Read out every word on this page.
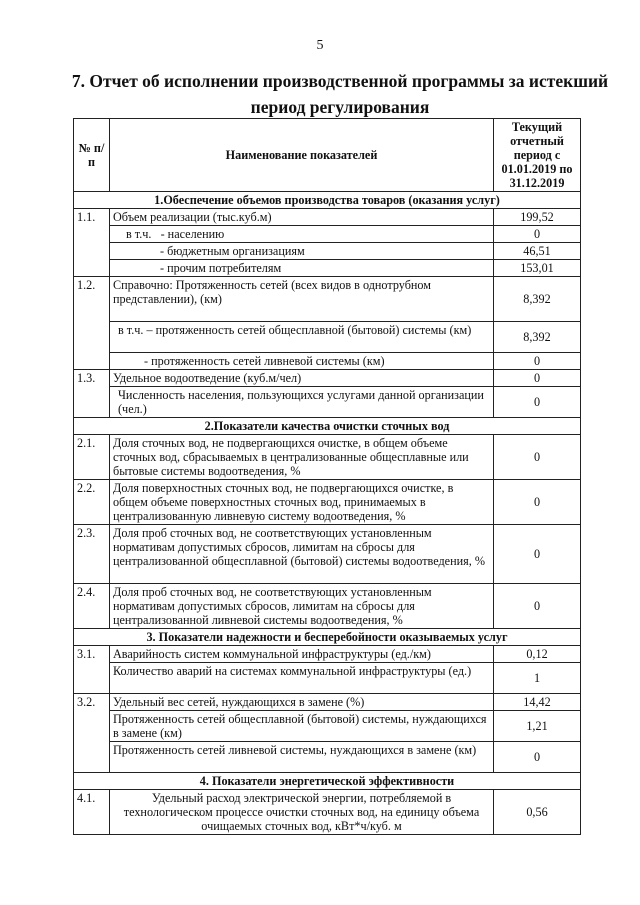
5
7. Отчет об исполнении производственной программы за истекший период регулирования
№ п/п	Наименование показателей	Текущий отчетный период с 01.01.2019 по 31.12.2019
1.Обеспечение объемов производства товаров (оказания услуг)		
1.1.	Объем реализации (тыс.куб.м)	199,52
	в т.ч.   - населению	0
	- бюджетным организациям	46,51
	- прочим потребителям	153,01
1.2.	Справочно: Протяженность сетей (всех видов в однотрубном представлении), (км)	8,392
	в т.ч. – протяженность сетей общесплавной (бытовой) системы (км)	8,392
	- протяженность сетей ливневой системы (км)	0
1.3.	Удельное водоотведение (куб.м/чел)	0
	Численность населения, пользующихся услугами данной организации (чел.)	0
2.Показатели качества очистки сточных вод		
2.1.	Доля сточных вод, не подвергающихся очистке, в общем объеме сточных вод, сбрасываемых в централизованные общесплавные или бытовые системы водоотведения, %	0
2.2.	Доля поверхностных сточных вод, не подвергающихся очистке, в общем объеме поверхностных сточных вод, принимаемых в централизованную ливневую систему водоотведения, %	0
2.3.	Доля проб сточных вод, не соответствующих установленным нормативам допустимых сбросов, лимитам на сбросы для централизованной общесплавной (бытовой) системы водоотведения, %	0
2.4.	Доля проб сточных вод, не соответствующих установленным нормативам допустимых сбросов, лимитам на сбросы для централизованной ливневой системы водоотведения, %	0
3. Показатели надежности и бесперебойности оказываемых услуг		
3.1.	Аварийность систем коммунальной инфраструктуры (ед./км)	0,12
	Количество аварий на системах коммунальной инфраструктуры (ед.)	1
3.2.	Удельный вес сетей, нуждающихся в замене (%)	14,42
	Протяженность сетей общесплавной (бытовой) системы, нуждающихся в замене (км)	1,21
	Протяженность сетей ливневой системы, нуждающихся в замене (км)	0
4. Показатели энергетической эффективности		
4.1.	Удельный расход электрической энергии, потребляемой в технологическом процессе очистки сточных вод, на единицу объема очищаемых сточных вод, кВт*ч/куб. м	0,56
